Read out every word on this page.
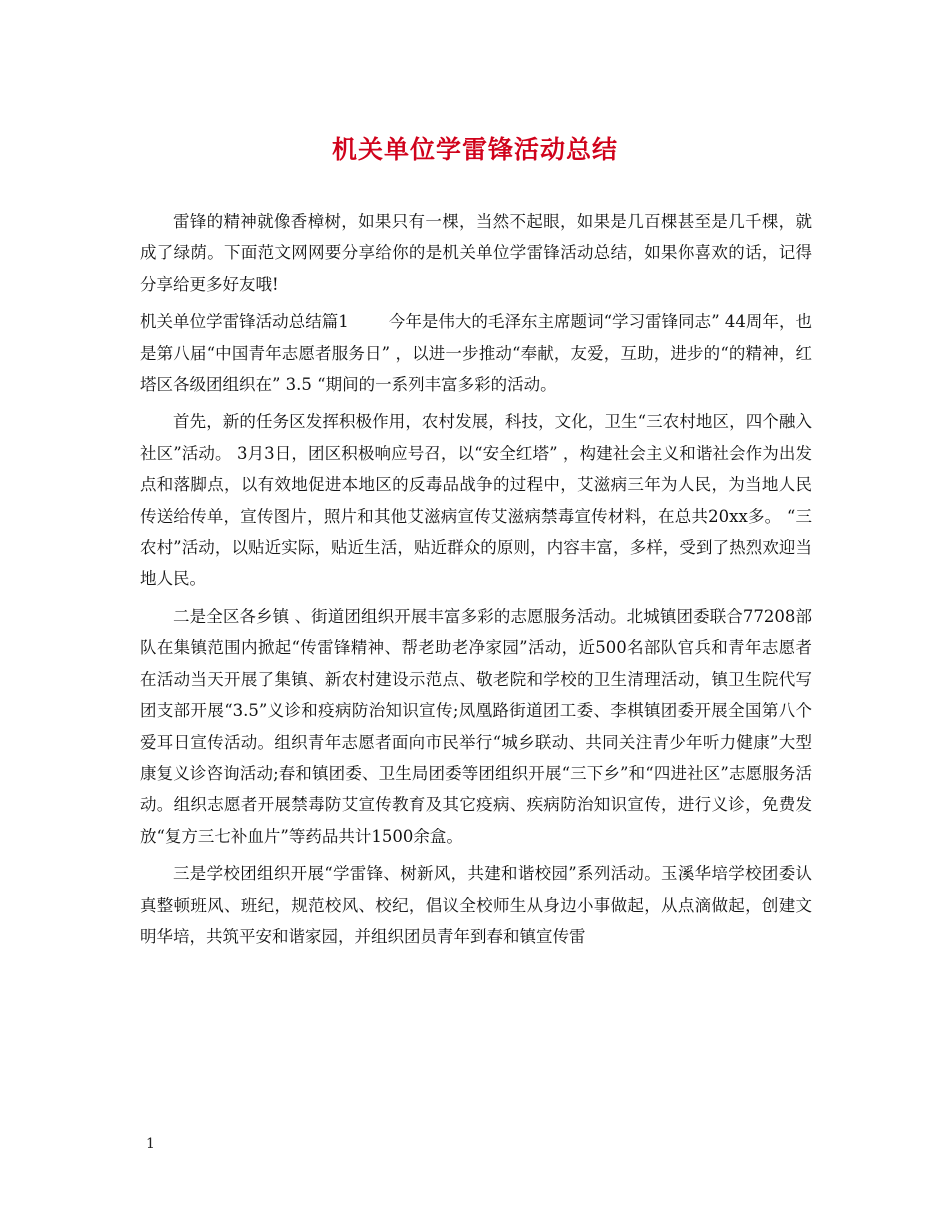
机关单位学雷锋活动总结

雷锋的精神就像香樟树，如果只有一棵，当然不起眼，如果是几百棵甚至是几千棵，就成了绿荫。下面范文网网要分享给你的是机关单位学雷锋活动总结，如果你喜欢的话，记得分享给更多好友哦!

机关单位学雷锋活动总结篇1 今年是伟大的毛泽东主席题词“学习雷锋同志” 44周年，也是第八届“中国青年志愿者服务日” ，以进一步推动“奉献，友爱，互助，进步的“的精神，红塔区各级团组织在” 3.5 “期间的一系列丰富多彩的活动。

首先，新的任务区发挥积极作用，农村发展，科技，文化，卫生“三农村地区，四个融入社区”活动。 3月3日，团区积极响应号召，以“安全红塔” ，构建社会主义和谐社会作为出发点和落脚点，以有效地促进本地区的反毒品战争的过程中，艾滋病三年为人民，为当地人民传送给传单，宣传图片，照片和其他艾滋病宣传艾滋病禁毒宣传材料，在总共20xx多。 “三农村”活动，以贴近实际，贴近生活，贴近群众的原则，内容丰富，多样，受到了热烈欢迎当地人民。

二是全区各乡镇 、街道团组织开展丰富多彩的志愿服务活动。北城镇团委联合77208部队在集镇范围内掀起“传雷锋精神、帮老助老净家园”活动，近500名部队官兵和青年志愿者在活动当天开展了集镇、新农村建设示范点、敬老院和学校的卫生清理活动，镇卫生院代写团支部开展“3.5”义诊和疫病防治知识宣传;凤凰路街道团工委、李棋镇团委开展全国第八个爱耳日宣传活动。组织青年志愿者面向市民举行“城乡联动、共同关注青少年听力健康”大型康复义诊咨询活动;春和镇团委、卫生局团委等团组织开展“三下乡”和“四进社区”志愿服务活动。组织志愿者开展禁毒防艾宣传教育及其它疫病、疾病防治知识宣传，进行义诊，免费发放“复方三七补血片”等药品共计1500余盒。

三是学校团组织开展“学雷锋、树新风，共建和谐校园”系列活动。玉溪华培学校团委认真整顿班风、班纪，规范校风、校纪，倡议全校师生从身边小事做起，从点滴做起，创建文明华培，共筑平安和谐家园，并组织团员青年到春和镇宣传雷

1
